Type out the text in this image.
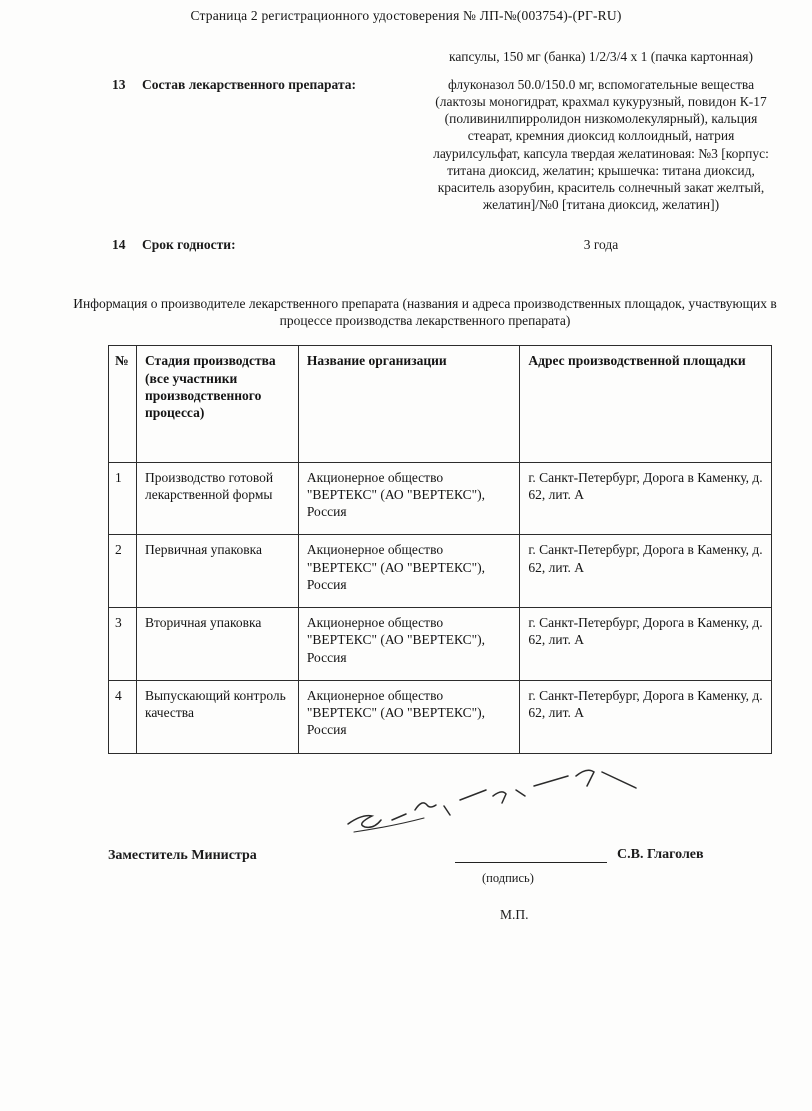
Страница 2 регистрационного удостоверения № ЛП-№(003754)-(РГ-RU)
капсулы, 150 мг (банка) 1/2/3/4 х 1 (пачка картонная)
13	Состав лекарственного препарата:	флуконазол 50.0/150.0 мг, вспомогательные вещества (лактозы моногидрат, крахмал кукурузный, повидон К-17 (поливинилпирролидон низкомолекулярный), кальция стеарат, кремния диоксид коллоидный, натрия лаурилсульфат, капсула твердая желатиновая: №3 [корпус: титана диоксид, желатин; крышечка: титана диоксид, краситель азорубин, краситель солнечный закат желтый, желатин]/№0 [титана диоксид, желатин])
14	Срок годности:	3 года
Информация о производителе лекарственного препарата (названия и адреса производственных площадок, участвующих в процессе производства лекарственного препарата)
№	Стадия производства (все участники производственного процесса)	Название организации	Адрес производственной площадки
1	Производство готовой лекарственной формы	Акционерное общество "ВЕРТЕКС" (АО "ВЕРТЕКС"), Россия	г. Санкт-Петербург, Дорога в Каменку, д. 62, лит. А
2	Первичная упаковка	Акционерное общество "ВЕРТЕКС" (АО "ВЕРТЕКС"), Россия	г. Санкт-Петербург, Дорога в Каменку, д. 62, лит. А
3	Вторичная упаковка	Акционерное общество "ВЕРТЕКС" (АО "ВЕРТЕКС"), Россия	г. Санкт-Петербург, Дорога в Каменку, д. 62, лит. А
4	Выпускающий контроль качества	Акционерное общество "ВЕРТЕКС" (АО "ВЕРТЕКС"), Россия	г. Санкт-Петербург, Дорога в Каменку, д. 62, лит. А
Заместитель Министра	С.В. Глаголев
(подпись)
М.П.
